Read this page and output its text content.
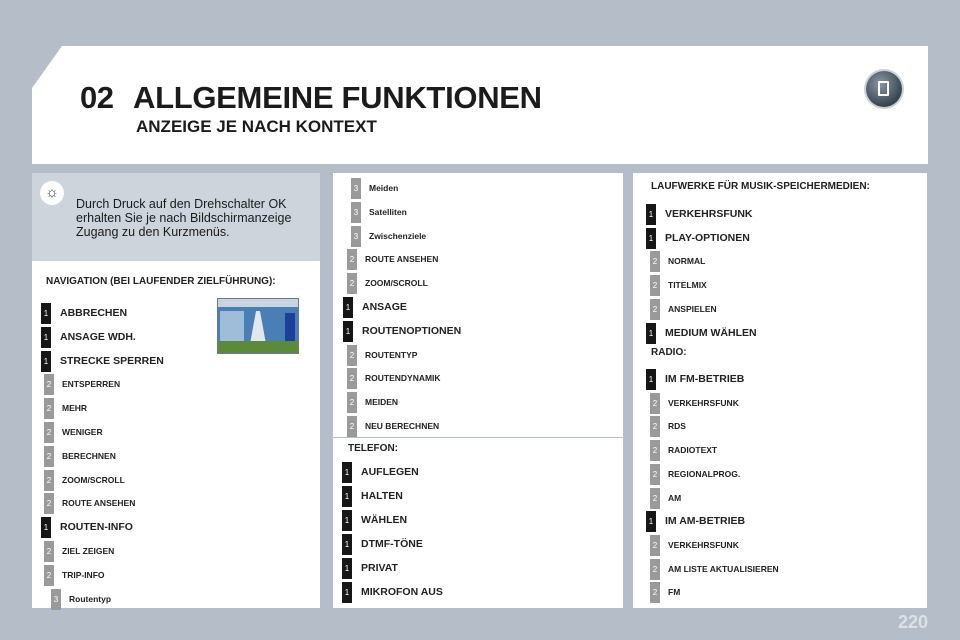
02 ALLGEMEINE FUNKTIONEN
ANZEIGE JE NACH KONTEXT
☼
Durch Druck auf den Drehschalter OK erhalten Sie je nach Bildschirmanzeige Zugang zu den Kurzmenüs.
NAVIGATION (BEI LAUFENDER ZIELFÜHRUNG):
TELEFON:
LAUFWERKE FÜR MUSIK-SPEICHERMEDIEN:
RADIO:
1 ABBRECHEN
1 ANSAGE WDH.
1 STRECKE SPERREN
2	ENTSPERREN
2	MEHR
2	WENIGER
2	BERECHNEN
2	ZOOM/SCROLL
2	ROUTE ANSEHEN
1 ROUTEN-INFO
2	ZIEL ZEIGEN
2	TRIP-INFO
3	Routentyp
3	Meiden
3	Satelliten
3	Zwischenziele
2	ROUTE ANSEHEN
2	ZOOM/SCROLL
1 ANSAGE
1 ROUTENOPTIONEN
2	ROUTENTYP
2	ROUTENDYNAMIK
2	MEIDEN
2	NEU BERECHNEN
1 AUFLEGEN
1 HALTEN
1 WÄHLEN
1 DTMF-TÖNE
1 PRIVAT
1 MIKROFON AUS
1 VERKEHRSFUNK
1 PLAY-OPTIONEN
2	NORMAL
2	TITELMIX
2	ANSPIELEN
1 MEDIUM WÄHLEN
1 IM FM-BETRIEB
2	VERKEHRSFUNK
2	RDS
2	RADIOTEXT
2	REGIONALPROG.
2	AM
1 IM AM-BETRIEB
2	VERKEHRSFUNK
2	AM LISTE AKTUALISIEREN
2	FM
220
